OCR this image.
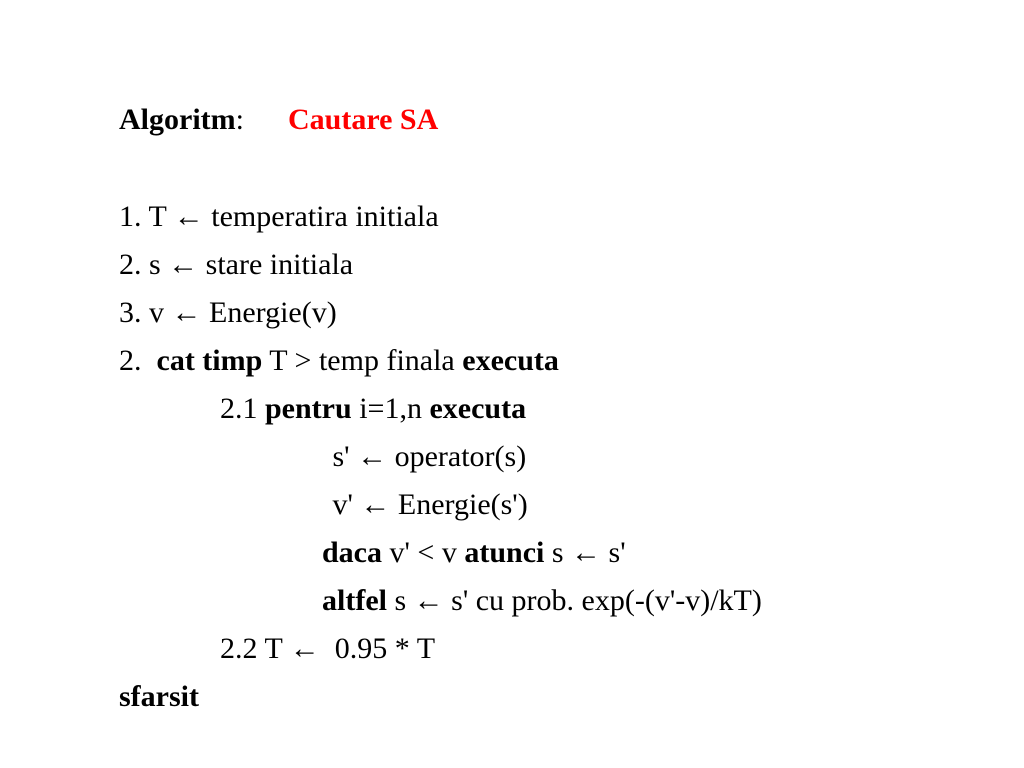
Algoritm: Cautare SA

1. T ← temperatira initiala

2. s ← stare initiala

3. v ← Energie(v)

2.  cat timp T > temp finala executa

2.1 pentru i=1,n executa

s' ← operator(s)

v' ← Energie(s')

daca v' < v atunci s ← s'

altfel s ← s' cu prob. exp(-(v'-v)/kT)

2.2 T ←  0.95 * T

sfarsit
